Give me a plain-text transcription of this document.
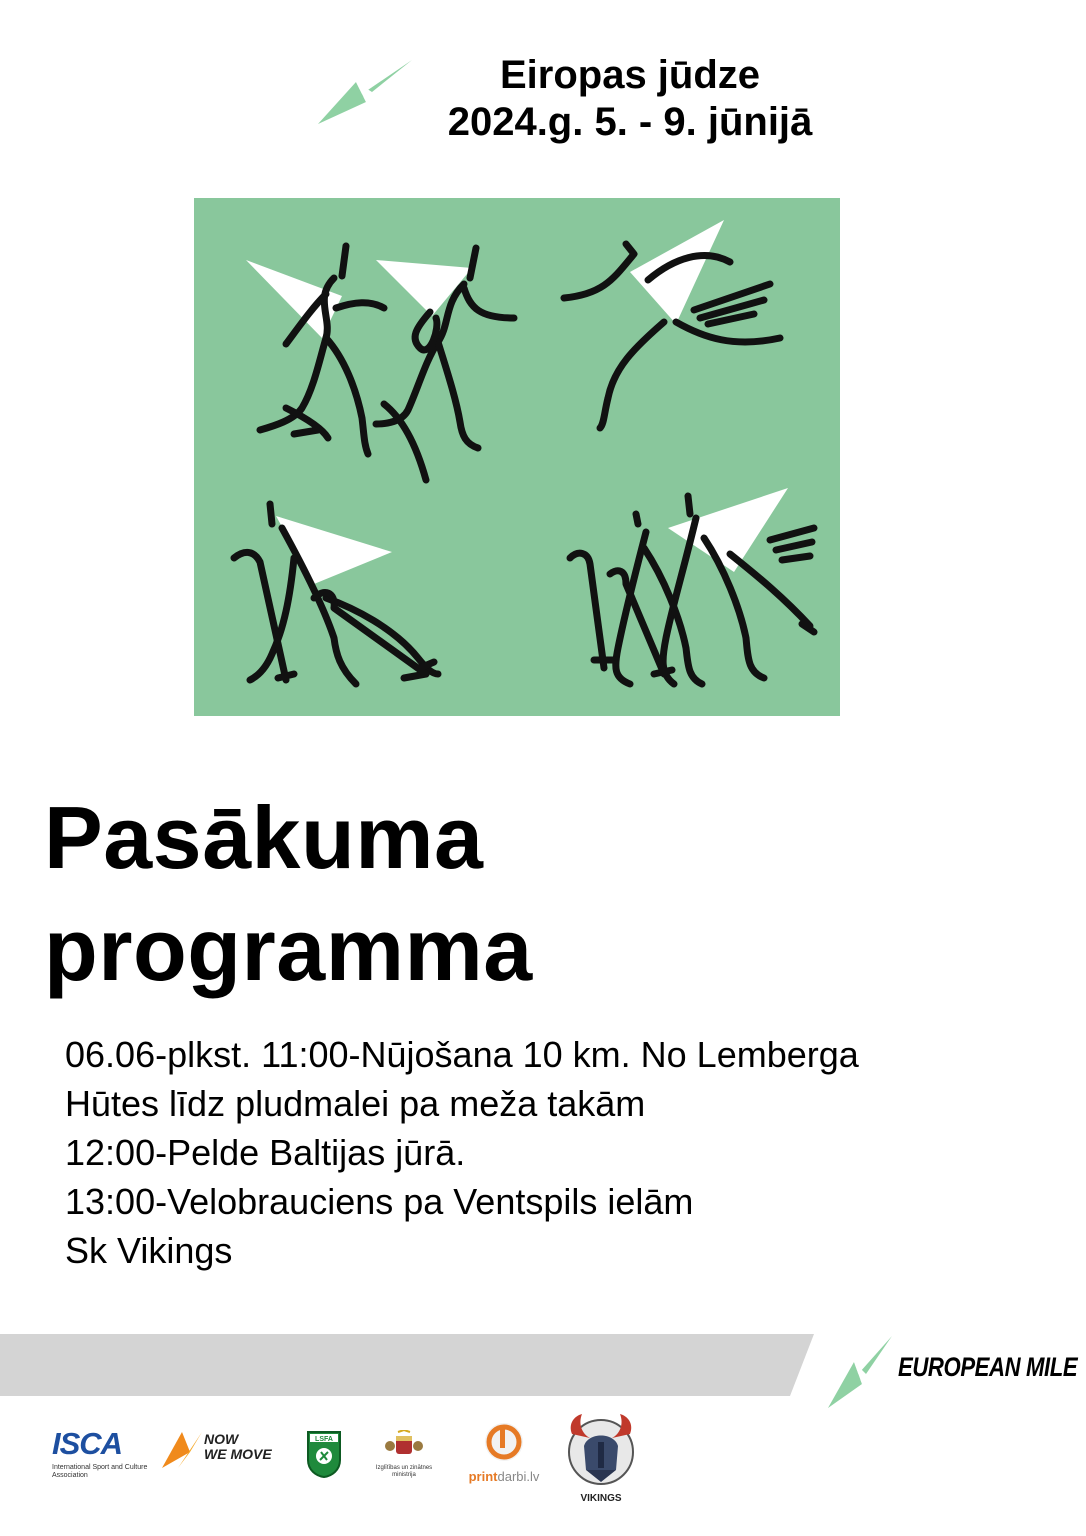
Eiropas jūdze
2024.g. 5. - 9. jūnijā
Pasākuma
programma
06.06-plkst. 11:00-Nūjošana 10 km. No Lemberga
Hūtes līdz pludmalei pa meža takām
12:00-Pelde Baltijas jūrā.
13:00-Velobrauciens pa Ventspils ielām
Sk Vikings
EUROPEAN MILE
ISCA
International Sport and Culture Association
NOW
WE MOVE
LSFA
Izglītības un zinātnes ministrija	printdarbi.lv
VIKINGS
